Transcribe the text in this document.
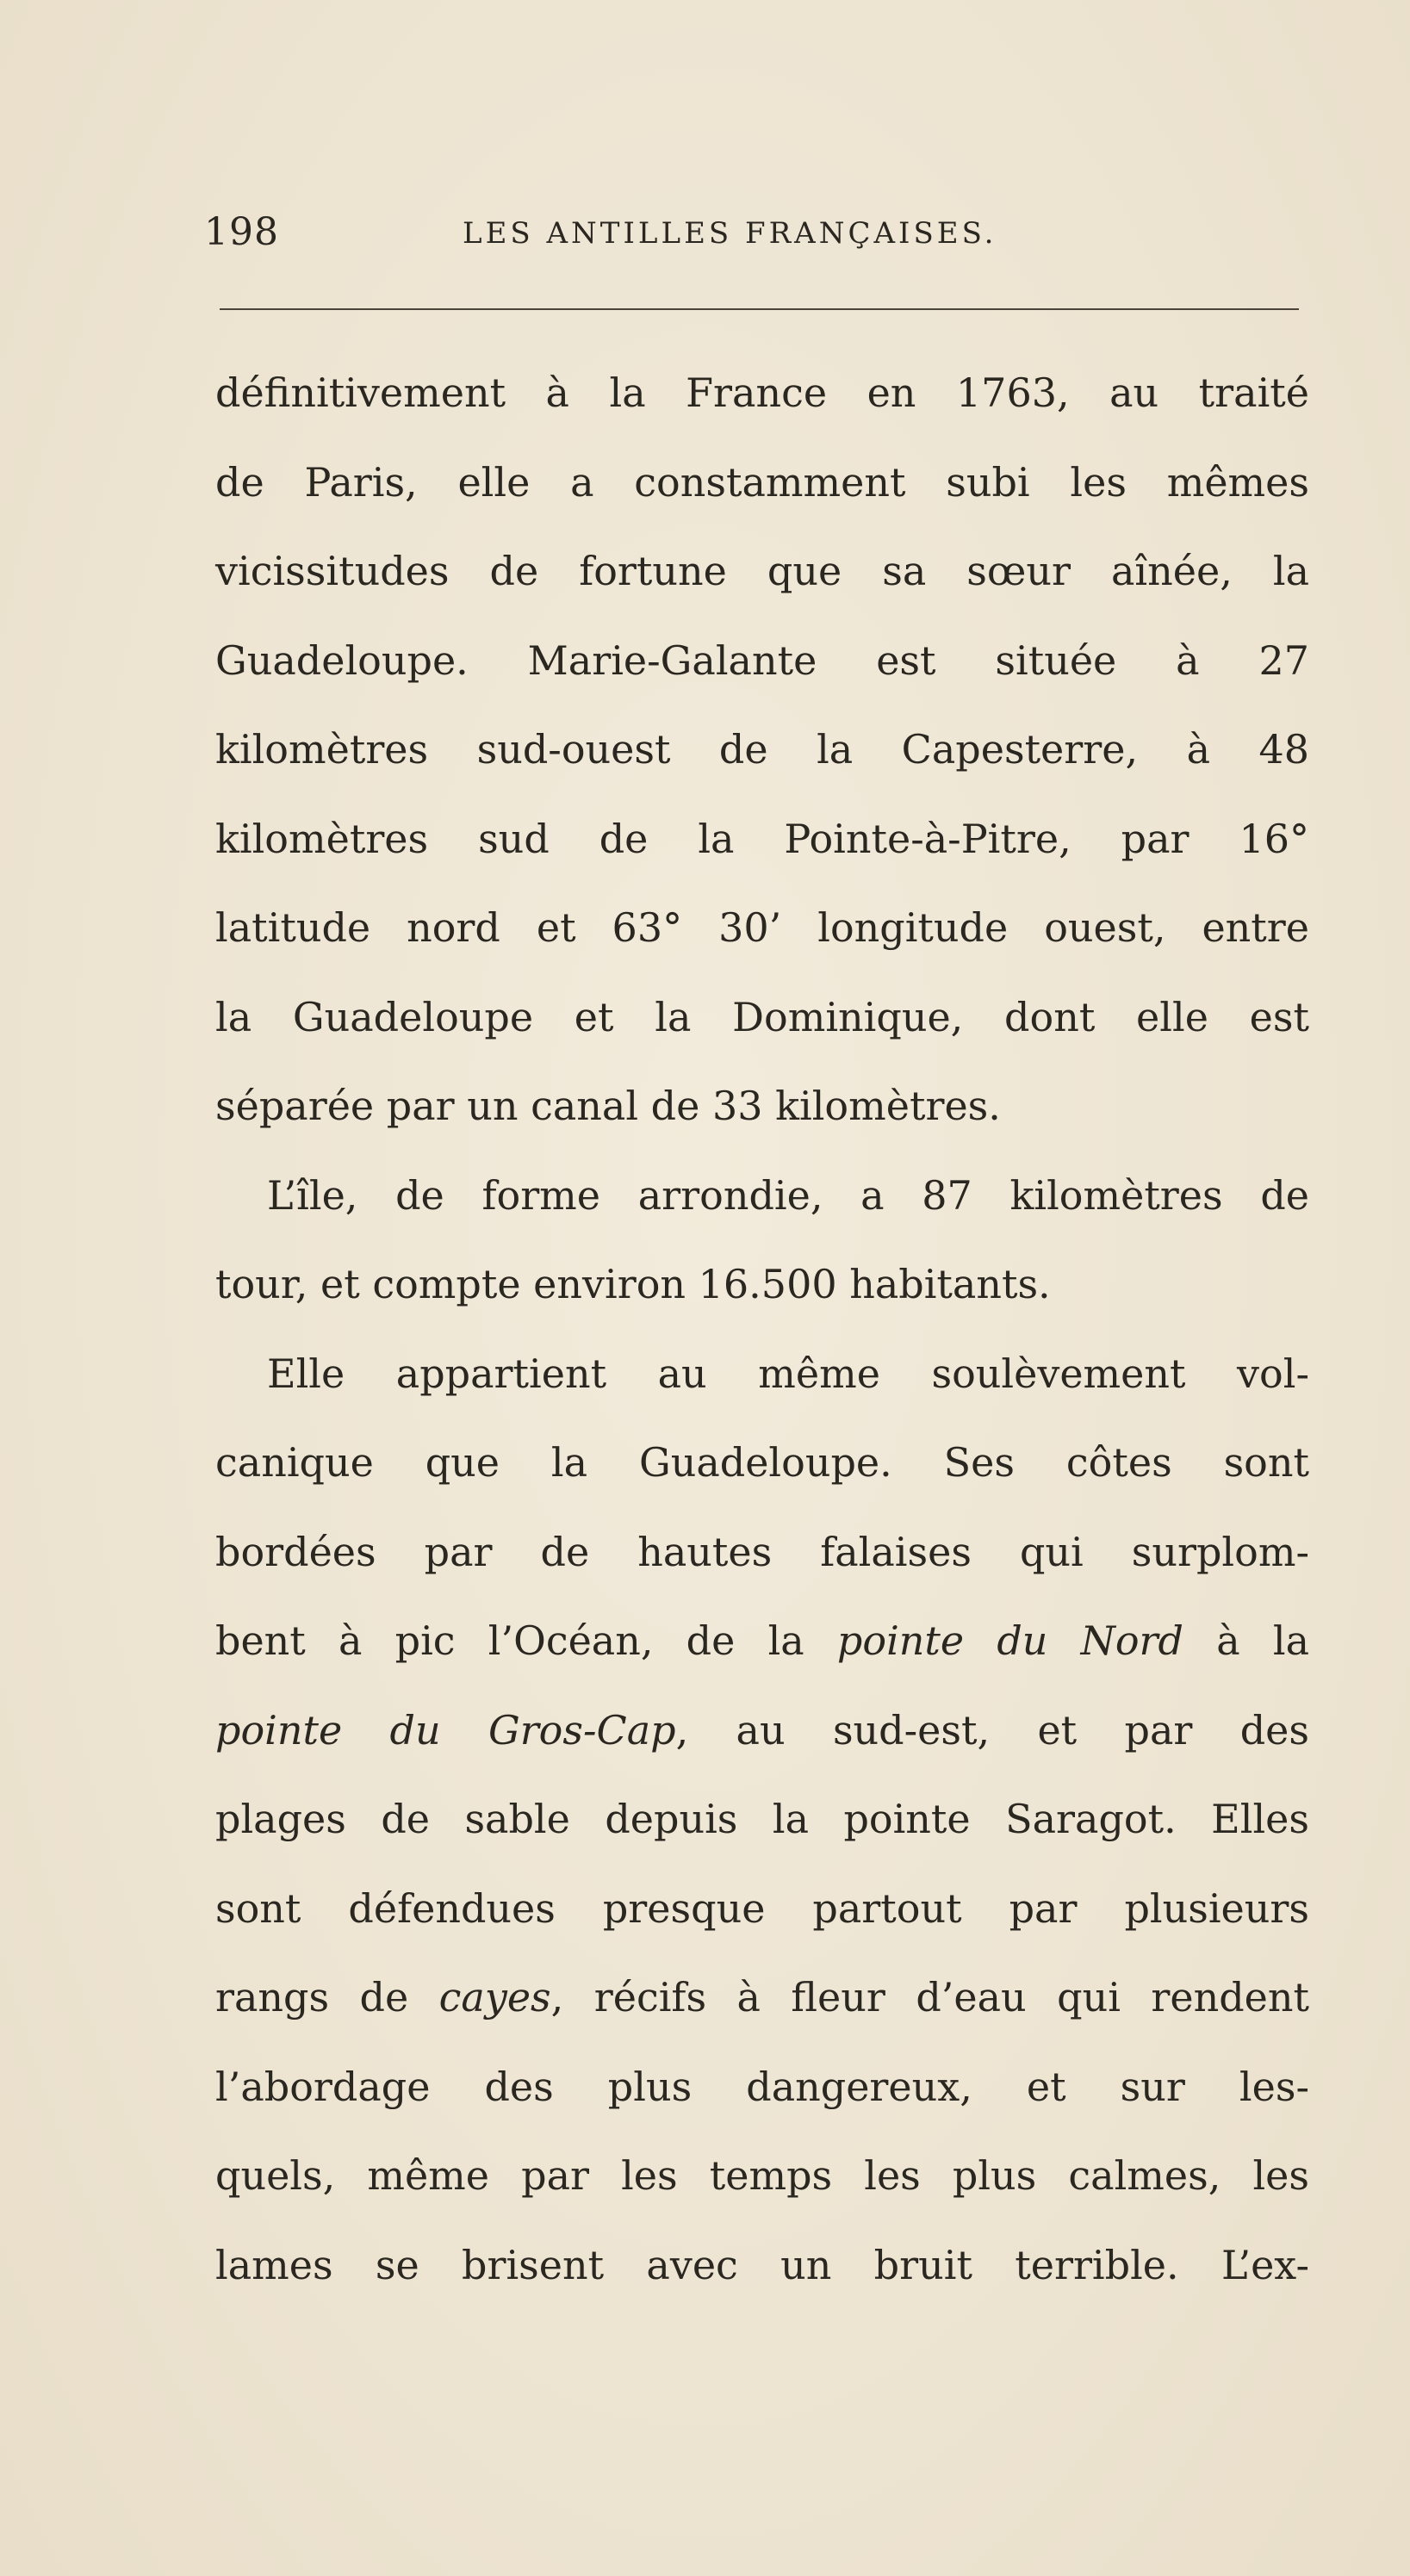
198	LES ANTILLES FRANÇAISES.
définitivement à la France en 1763, au traité
de Paris, elle a constamment subi les mêmes
vicissitudes de fortune que sa sœur aînée, la
Guadeloupe. Marie-Galante est située à 27
kilomètres sud-ouest de la Capesterre, à 48
kilomètres sud de la Pointe-à-Pitre, par 16°
latitude nord et 63° 30’ longitude ouest, entre
la Guadeloupe et la Dominique, dont elle est
séparée par un canal de 33 kilomètres.
L’île, de forme arrondie, a 87 kilomètres de
tour, et compte environ 16.500 habitants.
Elle appartient au même soulèvement vol-
canique que la Guadeloupe. Ses côtes sont
bordées par de hautes falaises qui surplom-
bent à pic l’Océan, de la pointe du Nord à la
pointe du Gros-Cap, au sud-est, et par des
plages de sable depuis la pointe Saragot. Elles
sont défendues presque partout par plusieurs
rangs de cayes, récifs à fleur d’eau qui rendent
l’abordage des plus dangereux, et sur les-
quels, même par les temps les plus calmes, les
lames se brisent avec un bruit terrible. L’ex-
